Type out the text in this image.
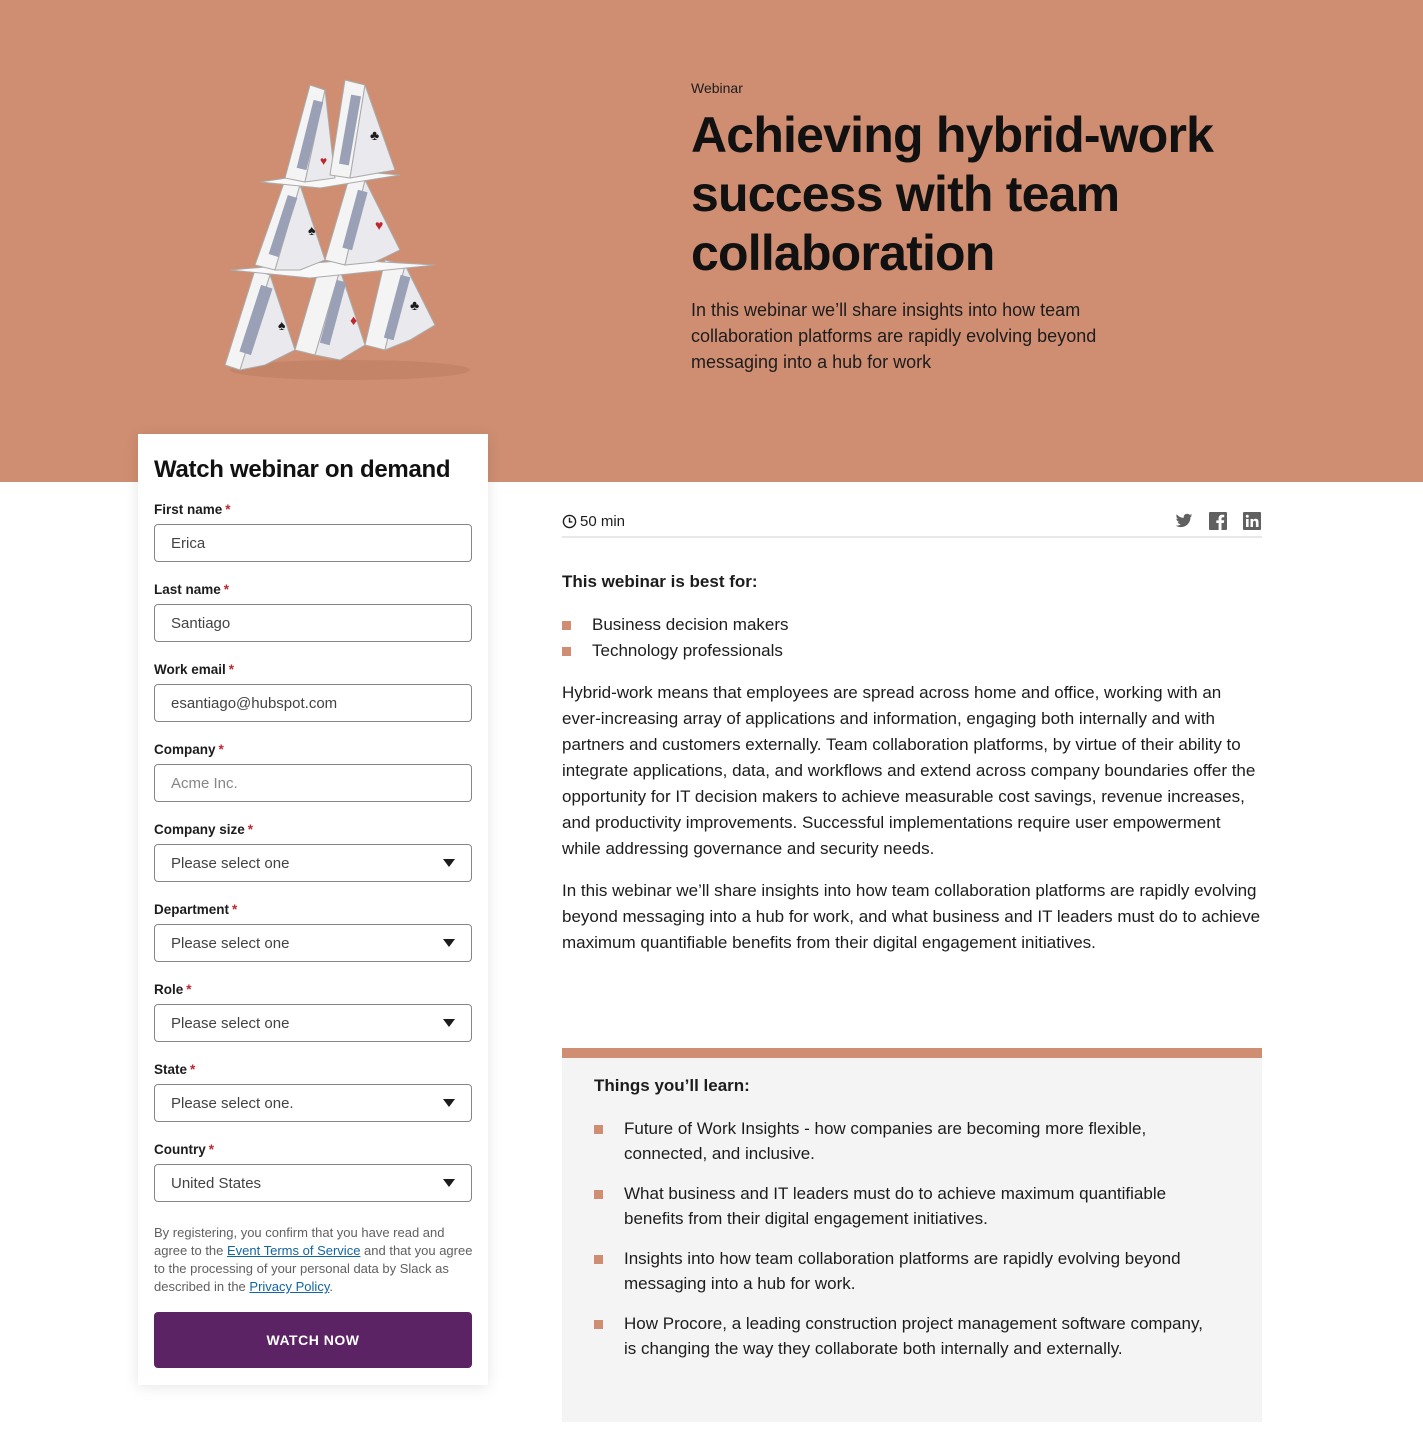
♠	♦
♣
♠	♥
♣
♥
Webinar
Achieving hybrid-work success with team collaboration

In this webinar we’ll share insights into how team collaboration platforms are rapidly evolving beyond messaging into a hub for work

Watch webinar on demand
First name *
Erica
Last name *
Santiago
Work email *
esantiago@hubspot.com
Company *
Acme Inc.
Company size *
Please select one
Department *
Please select one
Role *
Please select one
State *
Please select one.
Country *
United States

By registering, you confirm that you have read and agree to the Event Terms of Service and that you agree to the processing of your personal data by Slack as described in the Privacy Policy.

WATCH NOW
50 min
This webinar is best for:
Business decision makers
Technology professionals

Hybrid-work means that employees are spread across home and office, working with an ever-increasing array of applications and information, engaging both internally and with partners and customers externally. Team collaboration platforms, by virtue of their ability to integrate applications, data, and workflows and extend across company boundaries offer the opportunity for IT decision makers to achieve measurable cost savings, revenue increases, and productivity improvements. Successful implementations require user empowerment while addressing governance and security needs.

In this webinar we’ll share insights into how team collaboration platforms are rapidly evolving beyond messaging into a hub for work, and what business and IT leaders must do to achieve maximum quantifiable benefits from their digital engagement initiatives.

Things you’ll learn:
Future of Work Insights - how companies are becoming more flexible, connected, and inclusive.
What business and IT leaders must do to achieve maximum quantifiable benefits from their digital engagement initiatives.
Insights into how team collaboration platforms are rapidly evolving beyond messaging into a hub for work.
How Procore, a leading construction project management software company, is changing the way they collaborate both internally and externally.
